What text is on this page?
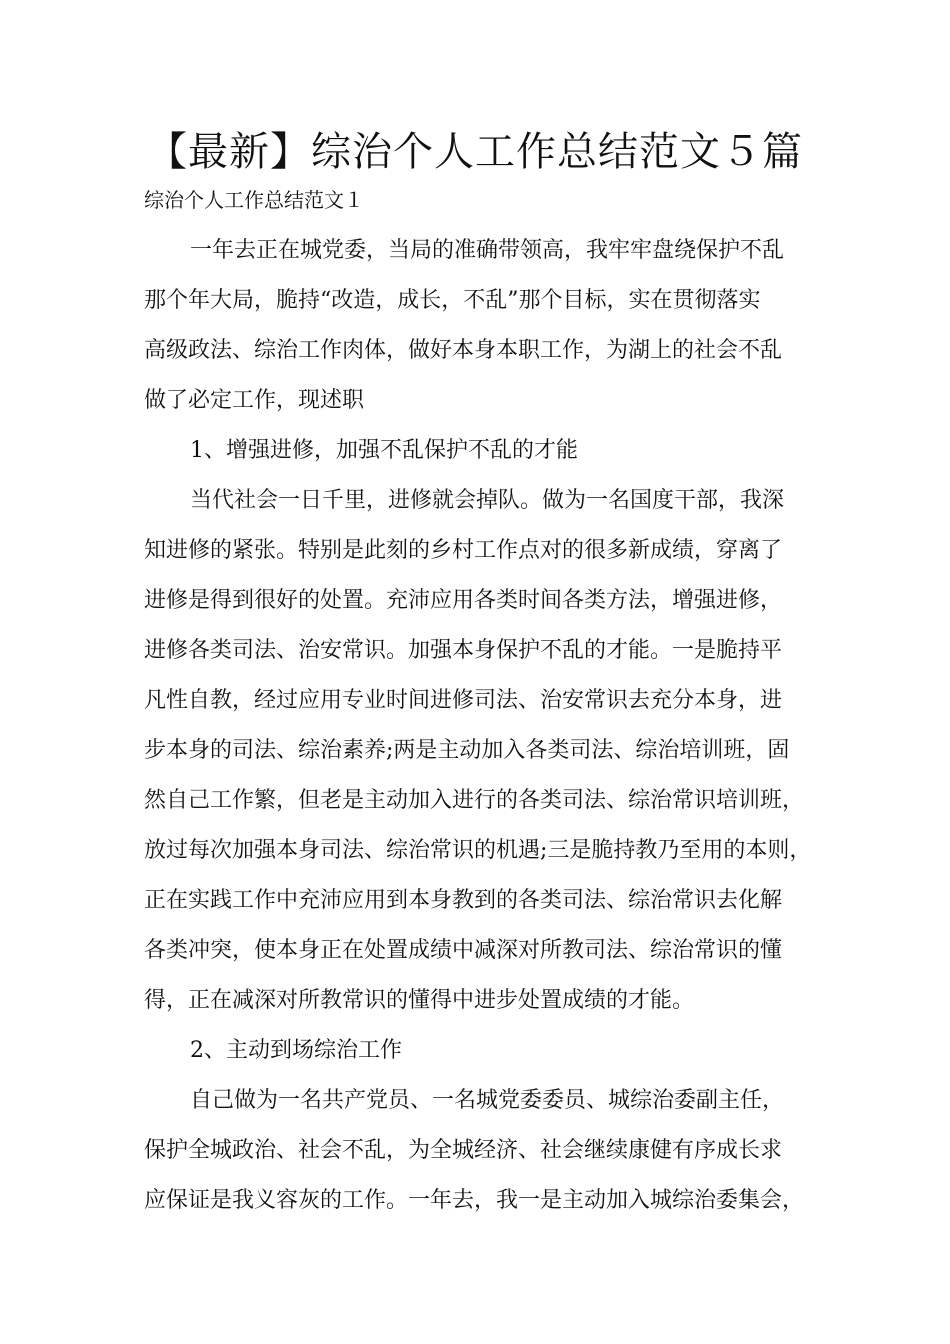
【最新】综治个人工作总结范文５篇
综治个人工作总结范文１
一年去正在城党委，当局的准确带领高，我牢牢盘绕保护不乱
那个年大局，脆持“改造，成长，不乱”那个目标，实在贯彻落实
高级政法、综治工作肉体，做好本身本职工作，为湖上的社会不乱
做了必定工作，现述职
1、增强进修，加强不乱保护不乱的才能
当代社会一日千里，进修就会掉队。做为一名国度干部，我深
知进修的紧张。特别是此刻的乡村工作点对的很多新成绩，穿离了
进修是得到很好的处置。充沛应用各类时间各类方法，增强进修，
进修各类司法、治安常识。加强本身保护不乱的才能。一是脆持平
凡性自教，经过应用专业时间进修司法、治安常识去充分本身，进
步本身的司法、综治素养;两是主动加入各类司法、综治培训班，固
然自己工作繁，但老是主动加入进行的各类司法、综治常识培训班，
放过每次加强本身司法、综治常识的机遇;三是脆持教乃至用的本则，
正在实践工作中充沛应用到本身教到的各类司法、综治常识去化解
各类冲突，使本身正在处置成绩中减深对所教司法、综治常识的懂
得，正在减深对所教常识的懂得中进步处置成绩的才能。
2、主动到场综治工作
自己做为一名共产党员、一名城党委委员、城综治委副主任，
保护全城政治、社会不乱，为全城经济、社会继续康健有序成长求
应保证是我义容灰的工作。一年去，我一是主动加入城综治委集会，
